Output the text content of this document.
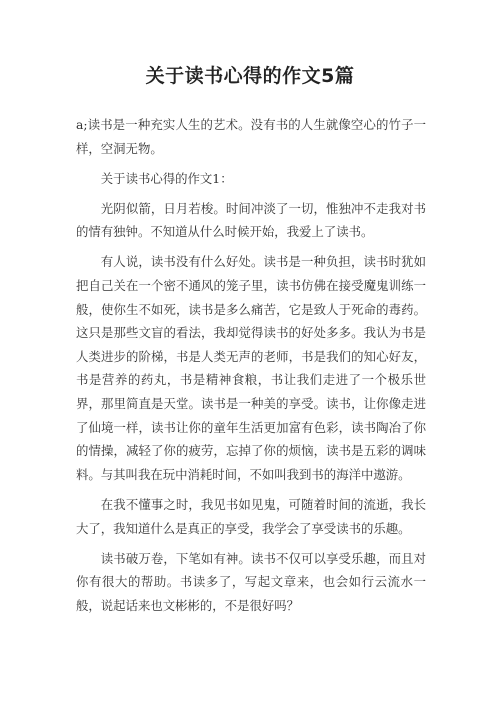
关于读书心得的作文5篇

a;读书是一种充实人生的艺术。没有书的人生就像空心的竹子一样，空洞无物。

关于读书心得的作文1：

光阴似箭，日月若梭。时间冲淡了一切，惟独冲不走我对书的情有独钟。不知道从什么时候开始，我爱上了读书。

有人说，读书没有什么好处。读书是一种负担，读书时犹如把自己关在一个密不通风的笼子里，读书仿佛在接受魔鬼训练一般，使你生不如死，读书是多么痛苦，它是致人于死命的毒药。这只是那些文盲的看法，我却觉得读书的好处多多。我认为书是人类进步的阶梯，书是人类无声的老师，书是我们的知心好友，书是营养的药丸，书是精神食粮，书让我们走进了一个极乐世界，那里简直是天堂。读书是一种美的享受。读书，让你像走进了仙境一样，读书让你的童年生活更加富有色彩，读书陶冶了你的情操，减轻了你的疲劳，忘掉了你的烦恼，读书是五彩的调味料。与其叫我在玩中消耗时间，不如叫我到书的海洋中遨游。

在我不懂事之时，我见书如见鬼，可随着时间的流逝，我长大了，我知道什么是真正的享受，我学会了享受读书的乐趣。

读书破万卷，下笔如有神。读书不仅可以享受乐趣，而且对你有很大的帮助。书读多了，写起文章来，也会如行云流水一般，说起话来也文彬彬的，不是很好吗？
